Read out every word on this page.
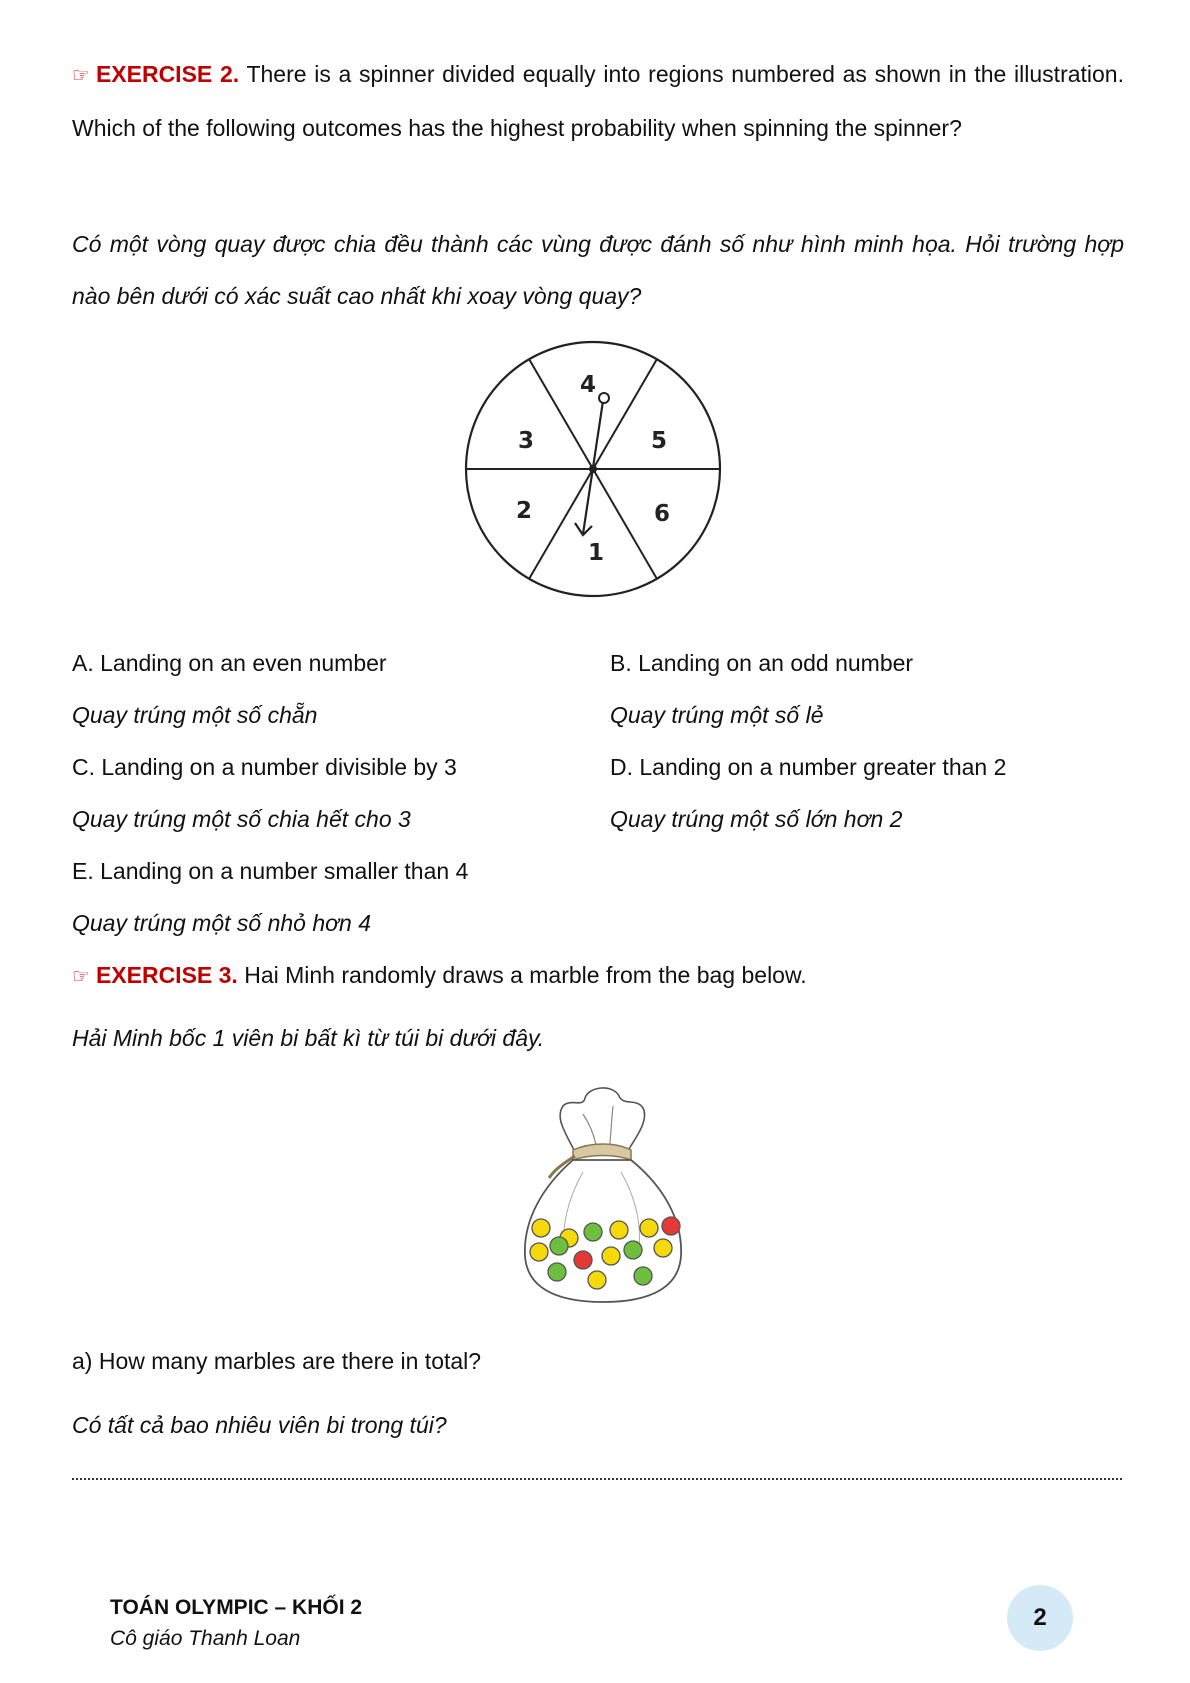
☞ EXERCISE 2. There is a spinner divided equally into regions numbered as shown in the illustration. Which of the following outcomes has the highest probability when spinning the spinner?

Có một vòng quay được chia đều thành các vùng được đánh số như hình minh họa. Hỏi trường hợp nào bên dưới có xác suất cao nhất khi xoay vòng quay?

4
3	5
2	6
1
A. Landing on an even number	B. Landing on an odd number
Quay trúng một số chẵn	Quay trúng một số lẻ
C. Landing on a number divisible by 3	D. Landing on a number greater than 2
Quay trúng một số chia hết cho 3	Quay trúng một số lớn hơn 2
E. Landing on a number smaller than 4
Quay trúng một số nhỏ hơn 4
☞ EXERCISE 3. Hai Minh randomly draws a marble from the bag below.
Hải Minh bốc 1 viên bi bất kì từ túi bi dưới đây.
a) How many marbles are there in total?
Có tất cả bao nhiêu viên bi trong túi?
TOÁN OLYMPIC – KHỐI 2
Cô giáo Thanh Loan
2
